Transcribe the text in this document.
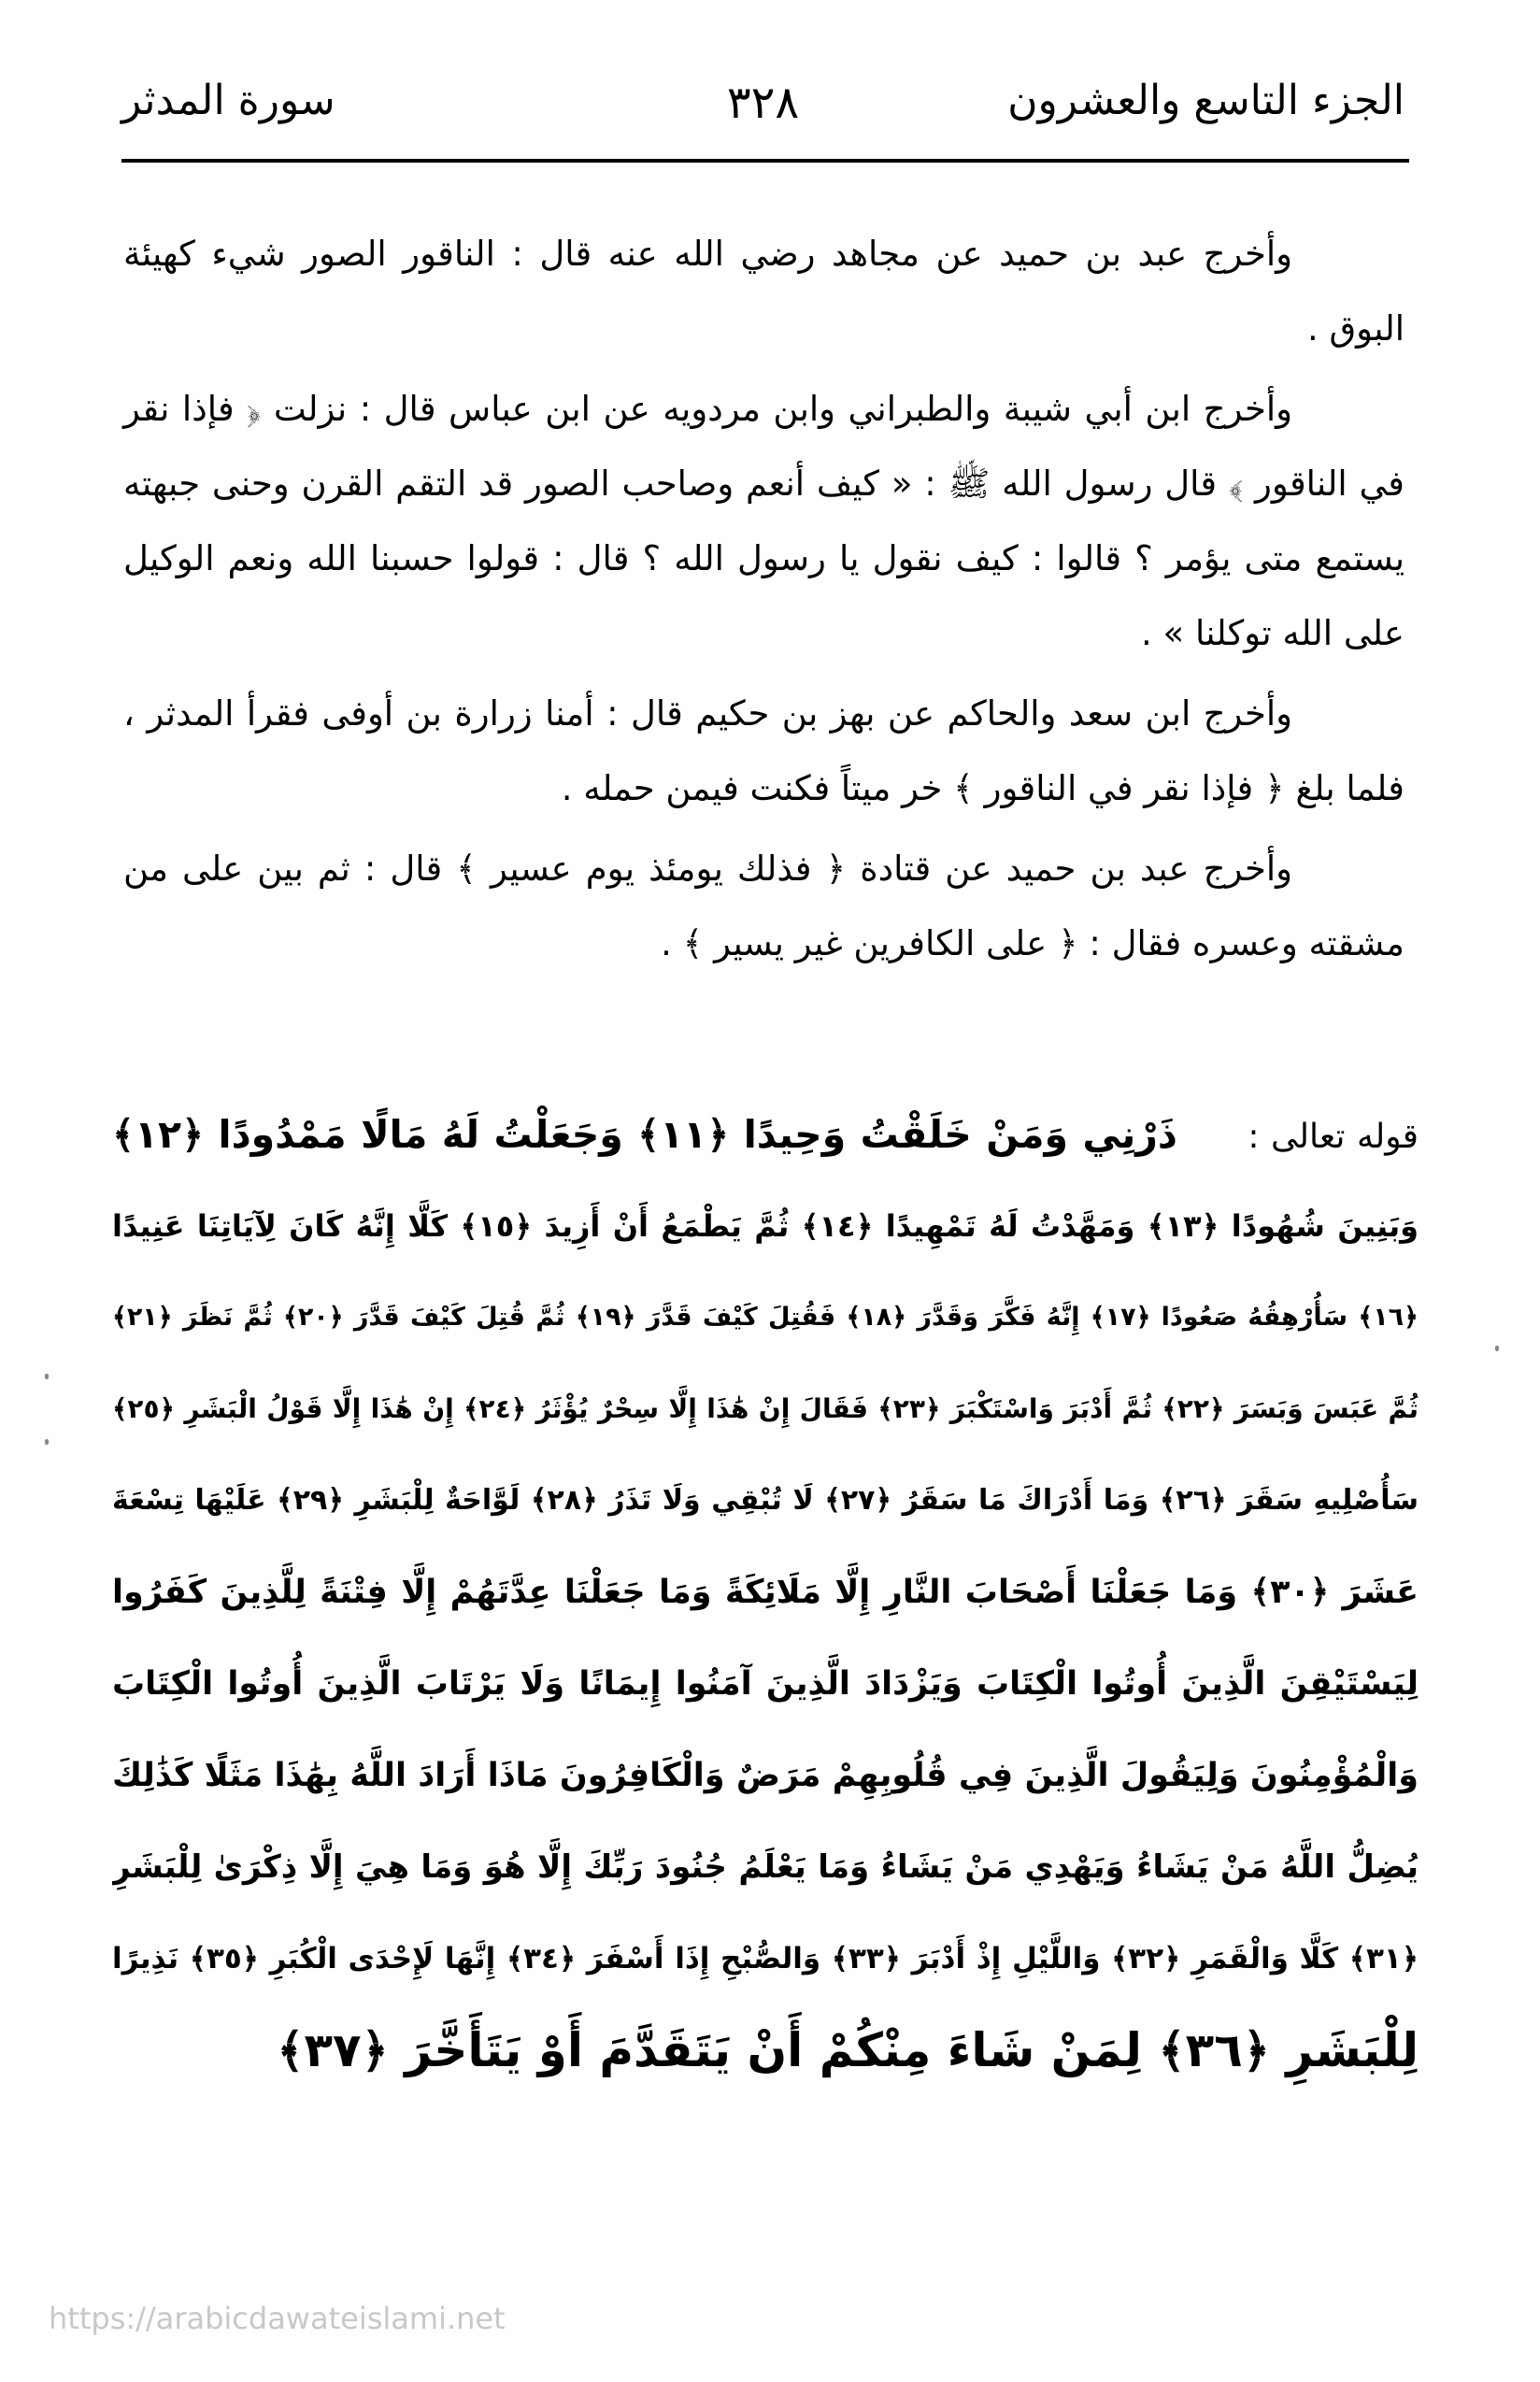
الجزء التاسع والعشرون
٣٢٨
سورة المدثر

وأخرج عبد بن حميد عن مجاهد رضي الله عنه قال : الناقور الصور شيء كهيئة البوق .

وأخرج ابن أبي شيبة والطبراني وابن مردويه عن ابن عباس قال : نزلت ﴿ فإذا نقر في الناقور ﴾ قال رسول الله ﷺ : « كيف أنعم وصاحب الصور قد التقم القرن وحنى جبهته يستمع متى يؤمر ؟ قالوا : كيف نقول يا رسول الله ؟ قال : قولوا حسبنا الله ونعم الوكيل على الله توكلنا » .

وأخرج ابن سعد والحاكم عن بهز بن حكيم قال : أمنا زرارة بن أوفى فقرأ المدثر ، فلما بلغ ﴿ فإذا نقر في الناقور ﴾ خر ميتاً فكنت فيمن حمله .

وأخرج عبد بن حميد عن قتادة ﴿ فذلك يومئذ يوم عسير ﴾ قال : ثم بين على من مشقته وعسره فقال : ﴿ على الكافرين غير يسير ﴾ .

قوله تعالى : ذَرْنِي وَمَنْ خَلَقْتُ وَحِيدًا ﴿١١﴾ وَجَعَلْتُ لَهُ مَالًا مَمْدُودًا ﴿١٢﴾
وَبَنِينَ شُهُودًا ﴿١٣﴾ وَمَهَّدْتُ لَهُ تَمْهِيدًا ﴿١٤﴾ ثُمَّ يَطْمَعُ أَنْ أَزِيدَ ﴿١٥﴾ كَلَّا إِنَّهُ كَانَ لِآيَاتِنَا عَنِيدًا
﴿١٦﴾ سَأُرْهِقُهُ صَعُودًا ﴿١٧﴾ إِنَّهُ فَكَّرَ وَقَدَّرَ ﴿١٨﴾ فَقُتِلَ كَيْفَ قَدَّرَ ﴿١٩﴾ ثُمَّ قُتِلَ كَيْفَ قَدَّرَ ﴿٢٠﴾ ثُمَّ نَظَرَ ﴿٢١﴾
ثُمَّ عَبَسَ وَبَسَرَ ﴿٢٢﴾ ثُمَّ أَدْبَرَ وَاسْتَكْبَرَ ﴿٢٣﴾ فَقَالَ إِنْ هَٰذَا إِلَّا سِحْرٌ يُؤْثَرُ ﴿٢٤﴾ إِنْ هَٰذَا إِلَّا قَوْلُ الْبَشَرِ ﴿٢٥﴾
سَأُصْلِيهِ سَقَرَ ﴿٢٦﴾ وَمَا أَدْرَاكَ مَا سَقَرُ ﴿٢٧﴾ لَا تُبْقِي وَلَا تَذَرُ ﴿٢٨﴾ لَوَّاحَةٌ لِلْبَشَرِ ﴿٢٩﴾ عَلَيْهَا تِسْعَةَ
عَشَرَ ﴿٣٠﴾ وَمَا جَعَلْنَا أَصْحَابَ النَّارِ إِلَّا مَلَائِكَةً وَمَا جَعَلْنَا عِدَّتَهُمْ إِلَّا فِتْنَةً لِلَّذِينَ كَفَرُوا
لِيَسْتَيْقِنَ الَّذِينَ أُوتُوا الْكِتَابَ وَيَزْدَادَ الَّذِينَ آمَنُوا إِيمَانًا وَلَا يَرْتَابَ الَّذِينَ أُوتُوا الْكِتَابَ
وَالْمُؤْمِنُونَ وَلِيَقُولَ الَّذِينَ فِي قُلُوبِهِمْ مَرَضٌ وَالْكَافِرُونَ مَاذَا أَرَادَ اللَّهُ بِهَٰذَا مَثَلًا كَذَٰلِكَ
يُضِلُّ اللَّهُ مَنْ يَشَاءُ وَيَهْدِي مَنْ يَشَاءُ وَمَا يَعْلَمُ جُنُودَ رَبِّكَ إِلَّا هُوَ وَمَا هِيَ إِلَّا ذِكْرَىٰ لِلْبَشَرِ
﴿٣١﴾ كَلَّا وَالْقَمَرِ ﴿٣٢﴾ وَاللَّيْلِ إِذْ أَدْبَرَ ﴿٣٣﴾ وَالصُّبْحِ إِذَا أَسْفَرَ ﴿٣٤﴾ إِنَّهَا لَإِحْدَى الْكُبَرِ ﴿٣٥﴾ نَذِيرًا
لِلْبَشَرِ ﴿٣٦﴾ لِمَنْ شَاءَ مِنْكُمْ أَنْ يَتَقَدَّمَ أَوْ يَتَأَخَّرَ ﴿٣٧﴾
https://arabicdawateislami.net
